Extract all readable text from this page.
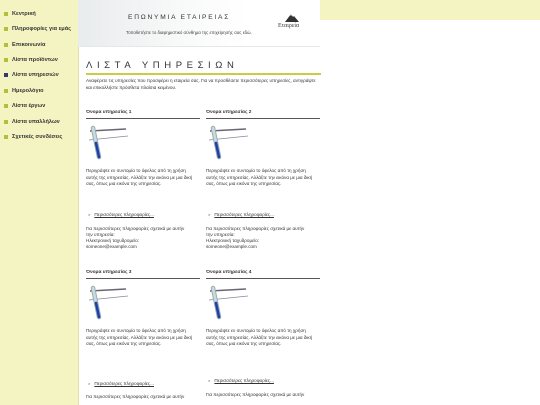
Κεντρική
Πληροφορίες για εμάς
Επικοινωνία
Λίστα προϊόντων
Λίστα υπηρεσιών
Ημερολόγιο
Λίστα έργων
Λίστα υπαλλήλων
Σχετικές συνδέσεις
ΕΠΩΝΥΜΙΑ ΕΤΑΙΡΕΙΑΣ
Τοποθετήστε το διαφημιστικό σύνθημα της επιχείρησής σας εδώ.
Εταιρεία
ΛΙΣΤΑ ΥΠΗΡΕΣΙΩΝ
Αναφέρετε τις υπηρεσίες που προσφέρει η εταιρεία σας. Για να προσθέσετε περισσότερες υπηρεσίες, αντιγράψτε και επικολλήστε πρόσθετα πλαίσια κειμένου.
Όνομα υπηρεσίας 1
Περιγράψτε εν συντομία το όφελος από τη χρήση αυτής της υπηρεσίας. Αλλάξτε την εικόνα με μια δική σας, όπως μια εικόνα της υπηρεσίας.
> Περισσότερες πληροφορίες...
Για περισσότερες πληροφορίες σχετικά με αυτήν
την υπηρεσία:
Ηλεκτρονική ταχυδρομείο:
someone@example.com
Όνομα υπηρεσίας 2
Περιγράψτε εν συντομία το όφελος από τη χρήση αυτής της υπηρεσίας. Αλλάξτε την εικόνα με μια δική σας, όπως μια εικόνα της υπηρεσίας.
> Περισσότερες πληροφορίες...
Για περισσότερες πληροφορίες σχετικά με αυτήν
την υπηρεσία:
Ηλεκτρονική ταχυδρομείο:
someone@example.com
Όνομα υπηρεσίας 3
Περιγράψτε εν συντομία το όφελος από τη χρήση αυτής της υπηρεσίας. Αλλάξτε την εικόνα με μια δική σας, όπως μια εικόνα της υπηρεσίας.
> Περισσότερες πληροφορίες...
Για περισσότερες πληροφορίες σχετικά με αυτήν
Όνομα υπηρεσίας 4
Περιγράψτε εν συντομία το όφελος από τη χρήση αυτής της υπηρεσίας. Αλλάξτε την εικόνα με μια δική σας, όπως μια εικόνα της υπηρεσίας.
> Περισσότερες πληροφορίες...
Για περισσότερες πληροφορίες σχετικά με αυτήν
